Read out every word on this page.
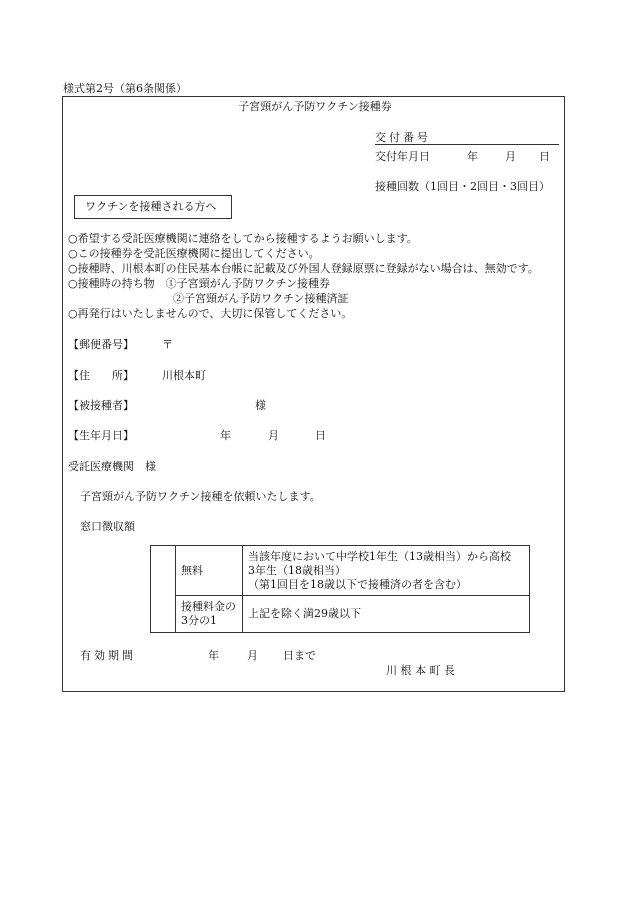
様式第2号（第6条関係）
子宮頸がん予防ワクチン接種券
交付番号
交付年月日	年 月 日
接種回数（1回目・2回目・3回目）
ワクチンを接種される方へ
○希望する受託医療機関に連絡をしてから接種するようお願いします。
○この接種券を受託医療機関に提出してください。
○接種時、川根本町の住民基本台帳に記載及び外国人登録原票に登録がない場合は、無効です。
○接種時の持ち物　①子宮頸がん予防ワクチン接種券
②子宮頸がん予防ワクチン接種済証
○再発行はいたしませんので、大切に保管してください。
【郵便番号】	〒
【住　　所】	川根本町
【被接種者】	様
【生年月日】	年	月	日
受託医療機関　様
子宮頸がん予防ワクチン接種を依頼いたします。
窓口徴収額
	無料	当該年度において中学校1年生（13歳相当）から高校
3年生（18歳相当）
（第1回目を18歳以下で接種済の者を含む）

	接種料金の
3分の1	上記を除く満29歳以下
有効期間	年	月 日まで
川 根 本 町 長
